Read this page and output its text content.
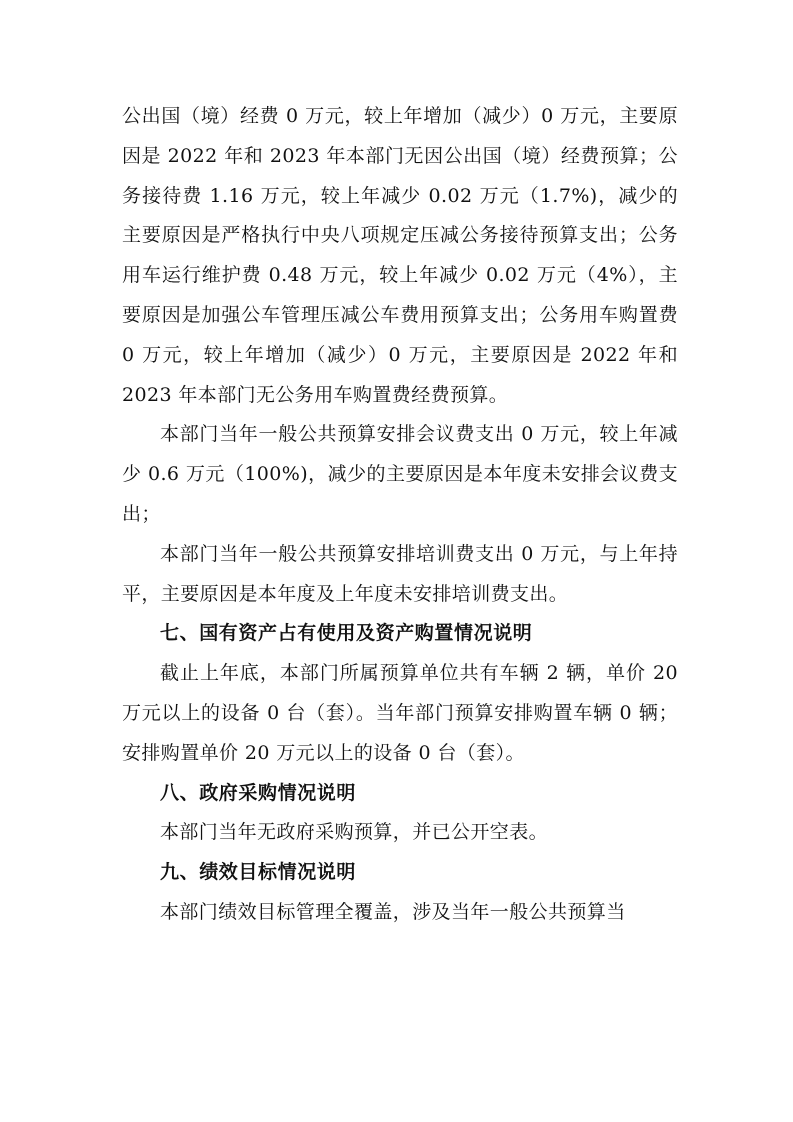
公出国（境）经费 0 万元，较上年增加（减少）0 万元，主要原因是 2022 年和 2023 年本部门无因公出国（境）经费预算；公务接待费 1.16 万元，较上年减少 0.02 万元（1.7%)，减少的主要原因是严格执行中央八项规定压减公务接待预算支出；公务用车运行维护费 0.48 万元，较上年减少 0.02 万元（4%），主要原因是加强公车管理压减公车费用预算支出；公务用车购置费 0 万元，较上年增加（减少）0 万元，主要原因是 2022 年和 2023 年本部门无公务用车购置费经费预算。

本部门当年一般公共预算安排会议费支出 0 万元，较上年减少 0.6 万元（100%)，减少的主要原因是本年度未安排会议费支出；

本部门当年一般公共预算安排培训费支出 0 万元，与上年持平，主要原因是本年度及上年度未安排培训费支出。

七、国有资产占有使用及资产购置情况说明

截止上年底，本部门所属预算单位共有车辆 2 辆，单价 20 万元以上的设备 0 台（套）。当年部门预算安排购置车辆 0 辆；安排购置单价 20 万元以上的设备 0 台（套）。

八、政府采购情况说明

本部门当年无政府采购预算，并已公开空表。

九、绩效目标情况说明

本部门绩效目标管理全覆盖，涉及当年一般公共预算当
